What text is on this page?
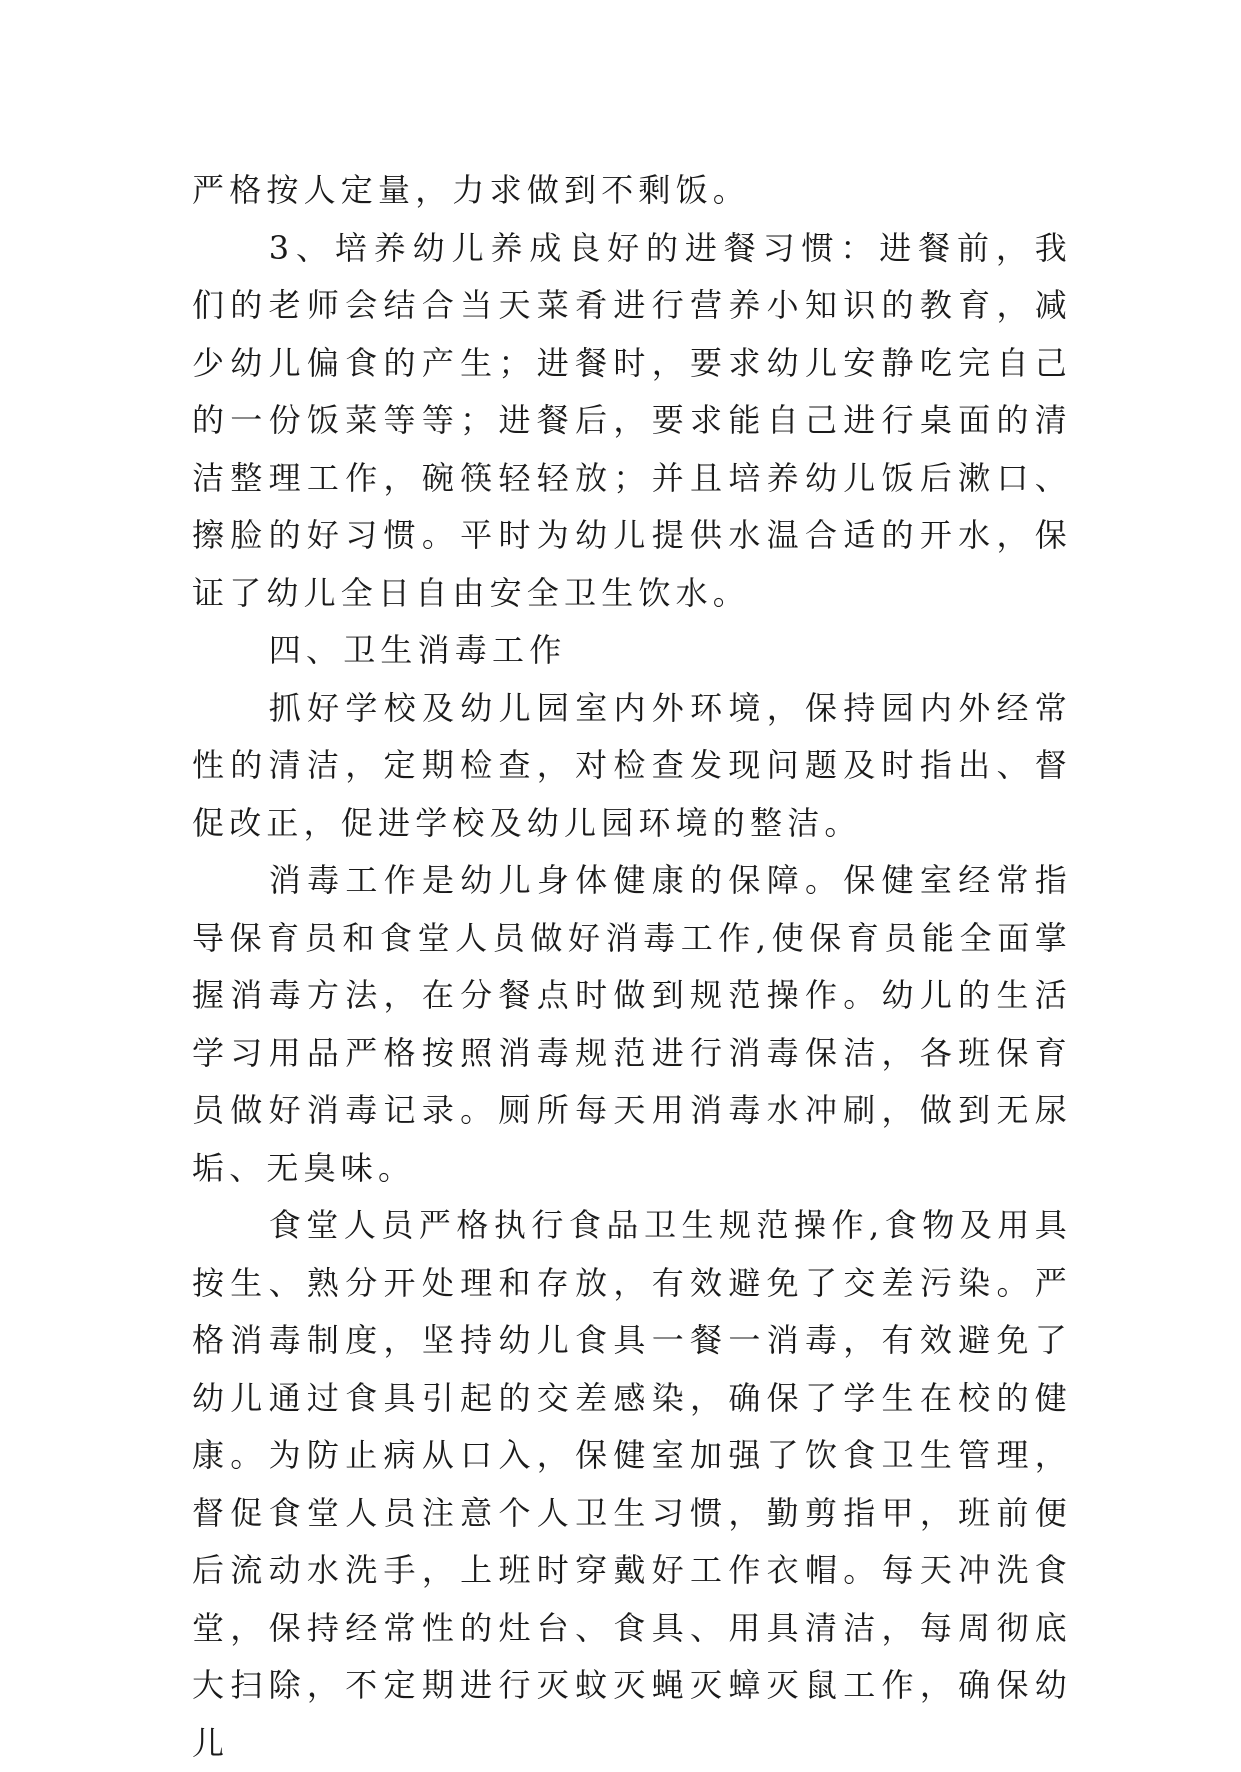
严格按人定量，力求做到不剩饭。

3、培养幼儿养成良好的进餐习惯：进餐前，我们的老师会结合当天菜肴进行营养小知识的教育，减少幼儿偏食的产生；进餐时，要求幼儿安静吃完自己的一份饭菜等等；进餐后，要求能自己进行桌面的清洁整理工作，碗筷轻轻放；并且培养幼儿饭后漱口、擦脸的好习惯。平时为幼儿提供水温合适的开水，保证了幼儿全日自由安全卫生饮水。

四、卫生消毒工作

抓好学校及幼儿园室内外环境，保持园内外经常性的清洁，定期检查，对检查发现问题及时指出、督促改正，促进学校及幼儿园环境的整洁。

消毒工作是幼儿身体健康的保障。保健室经常指导保育员和食堂人员做好消毒工作,使保育员能全面掌握消毒方法，在分餐点时做到规范操作。幼儿的生活学习用品严格按照消毒规范进行消毒保洁，各班保育员做好消毒记录。厕所每天用消毒水冲刷，做到无尿垢、无臭味。

食堂人员严格执行食品卫生规范操作,食物及用具按生、熟分开处理和存放，有效避免了交差污染。严格消毒制度，坚持幼儿食具一餐一消毒，有效避免了幼儿通过食具引起的交差感染，确保了学生在校的健康。为防止病从口入，保健室加强了饮食卫生管理，督促食堂人员注意个人卫生习惯，勤剪指甲，班前便后流动水洗手，上班时穿戴好工作衣帽。每天冲洗食堂，保持经常性的灶台、食具、用具清洁，每周彻底大扫除，不定期进行灭蚊灭蝇灭蟑灭鼠工作，确保幼儿
